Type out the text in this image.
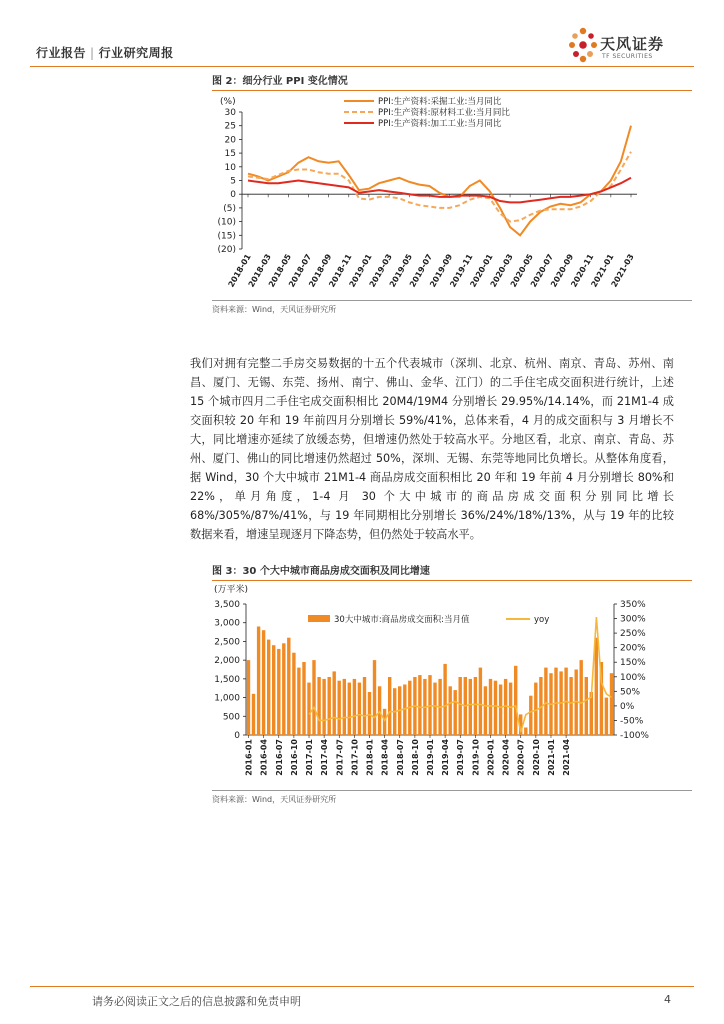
行业报告 | 行业研究周报	天风证券
TF SECURITIES
图 2：细分行业 PPI 变化情况
(%)
30
25
20
15
10
5
0
(5)
(10)
(15)
(20)
2018-01
2018-03
2018-05
2018-07
2018-09
2018-11
2019-01
2019-03
2019-05
2019-07
2019-09
2019-11
2020-01
2020-03
2020-05
2020-07
2020-09
2020-11
2021-01
2021-03
PPI:生产资料:采掘工业:当月同比
PPI:生产资料:原材料工业:当月同比
PPI:生产资料:加工工业:当月同比
资料来源：Wind，天风证券研究所
我们对拥有完整二手房交易数据的十五个代表城市（深圳、北京、杭州、南京、青岛、苏州、南昌、厦门、无锡、东莞、扬州、南宁、佛山、金华、江门）的二手住宅成交面积进行统计，上述 15 个城市四月二手住宅成交面积相比 20M4/19M4 分别增长 29.95%/14.14%，而 21M1-4 成交面积较 20 年和 19 年前四月分别增长 59%/41%，总体来看，4 月的成交面积与 3 月增长不大，同比增速亦延续了放缓态势，但增速仍然处于较高水平。分地区看，北京、南京、青岛、苏州、厦门、佛山的同比增速仍然超过 50%，深圳、无锡、东莞等地同比负增长。从整体角度看，据 Wind，30 个大中城市 21M1-4 商品房成交面积相比 20 年和 19 年前 4 月分别增长 80%和 22%，单月角度，1-4 月 30 个大中城市的商品房成交面积分别同比增长 68%/305%/87%/41%，与 19 年同期相比分别增长 36%/24%/18%/13%，从与 19 年的比较数据来看，增速呈现逐月下降态势，但仍然处于较高水平。
图 3：30 个大中城市商品房成交面积及同比增速
(万平米)
0
500
1,000
1,500
2,000
2,500
3,000
3,500
-100%
-50%
0%
50%
100%
150%
200%
250%
300%
350%
2016-01 2016-04 2016-07 2016-10 2017-01 2017-04 2017-07 2017-10 2018-01 2018-04 2018-07 2018-10 2019-01 2019-04 2019-07 2019-10 2020-01 2020-04 2020-07 2020-10 2021-01 2021-04
30大中城市:商品房成交面积:当月值	yoy
资料来源：Wind，天风证券研究所
请务必阅读正文之后的信息披露和免责申明	4
